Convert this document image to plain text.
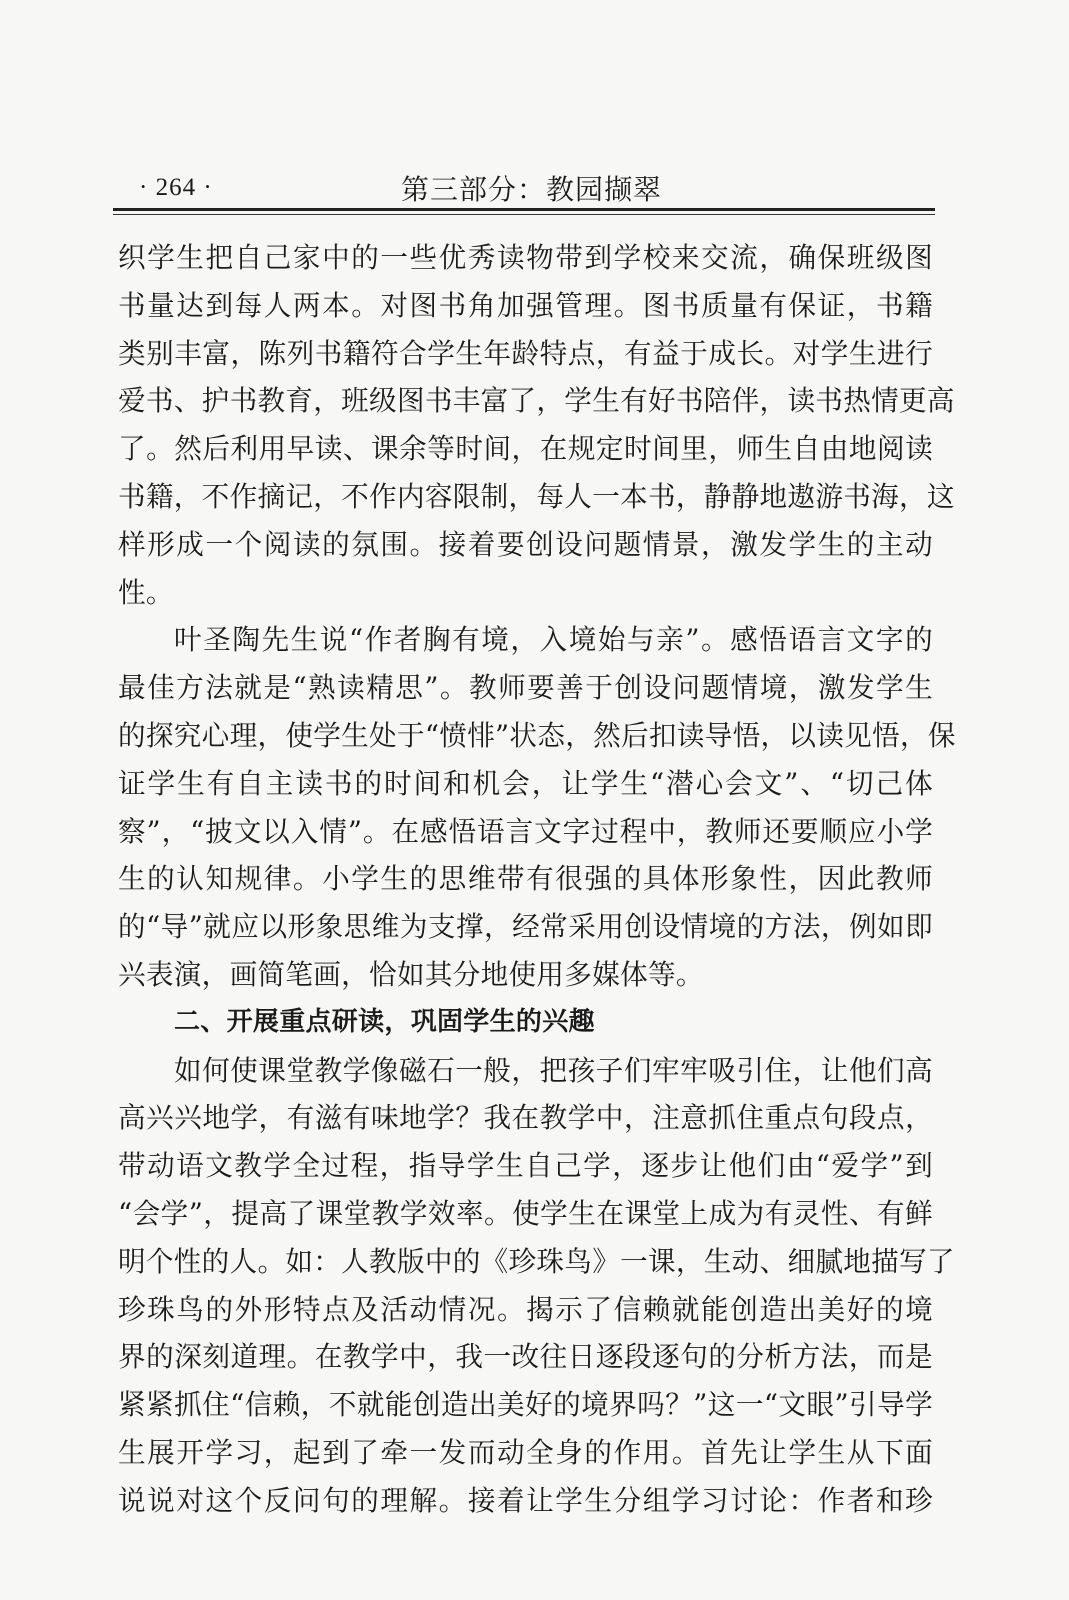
· 264 ·	第三部分：教园撷翠
织学生把自己家中的一些优秀读物带到学校来交流，确保班级图
书量达到每人两本。对图书角加强管理。图书质量有保证，书籍
类别丰富，陈列书籍符合学生年龄特点，有益于成长。对学生进行
爱书、护书教育，班级图书丰富了，学生有好书陪伴，读书热情更高
了。然后利用早读、课余等时间，在规定时间里，师生自由地阅读
书籍，不作摘记，不作内容限制，每人一本书，静静地遨游书海，这
样形成一个阅读的氛围。接着要创设问题情景，激发学生的主动
性。
叶圣陶先生说“作者胸有境，入境始与亲”。感悟语言文字的
最佳方法就是“熟读精思”。教师要善于创设问题情境，激发学生
的探究心理，使学生处于“愤悱”状态，然后扣读导悟，以读见悟，保
证学生有自主读书的时间和机会，让学生“潜心会文”、“切己体
察”，“披文以入情”。在感悟语言文字过程中，教师还要顺应小学
生的认知规律。小学生的思维带有很强的具体形象性，因此教师
的“导”就应以形象思维为支撑，经常采用创设情境的方法，例如即
兴表演，画简笔画，恰如其分地使用多媒体等。
二、开展重点研读，巩固学生的兴趣
如何使课堂教学像磁石一般，把孩子们牢牢吸引住，让他们高
高兴兴地学，有滋有味地学？我在教学中，注意抓住重点句段点，
带动语文教学全过程，指导学生自己学，逐步让他们由“爱学”到
“会学”，提高了课堂教学效率。使学生在课堂上成为有灵性、有鲜
明个性的人。如：人教版中的《珍珠鸟》一课，生动、细腻地描写了
珍珠鸟的外形特点及活动情况。揭示了信赖就能创造出美好的境
界的深刻道理。在教学中，我一改往日逐段逐句的分析方法，而是
紧紧抓住“信赖，不就能创造出美好的境界吗？”这一“文眼”引导学
生展开学习，起到了牵一发而动全身的作用。首先让学生从下面
说说对这个反问句的理解。接着让学生分组学习讨论：作者和珍
